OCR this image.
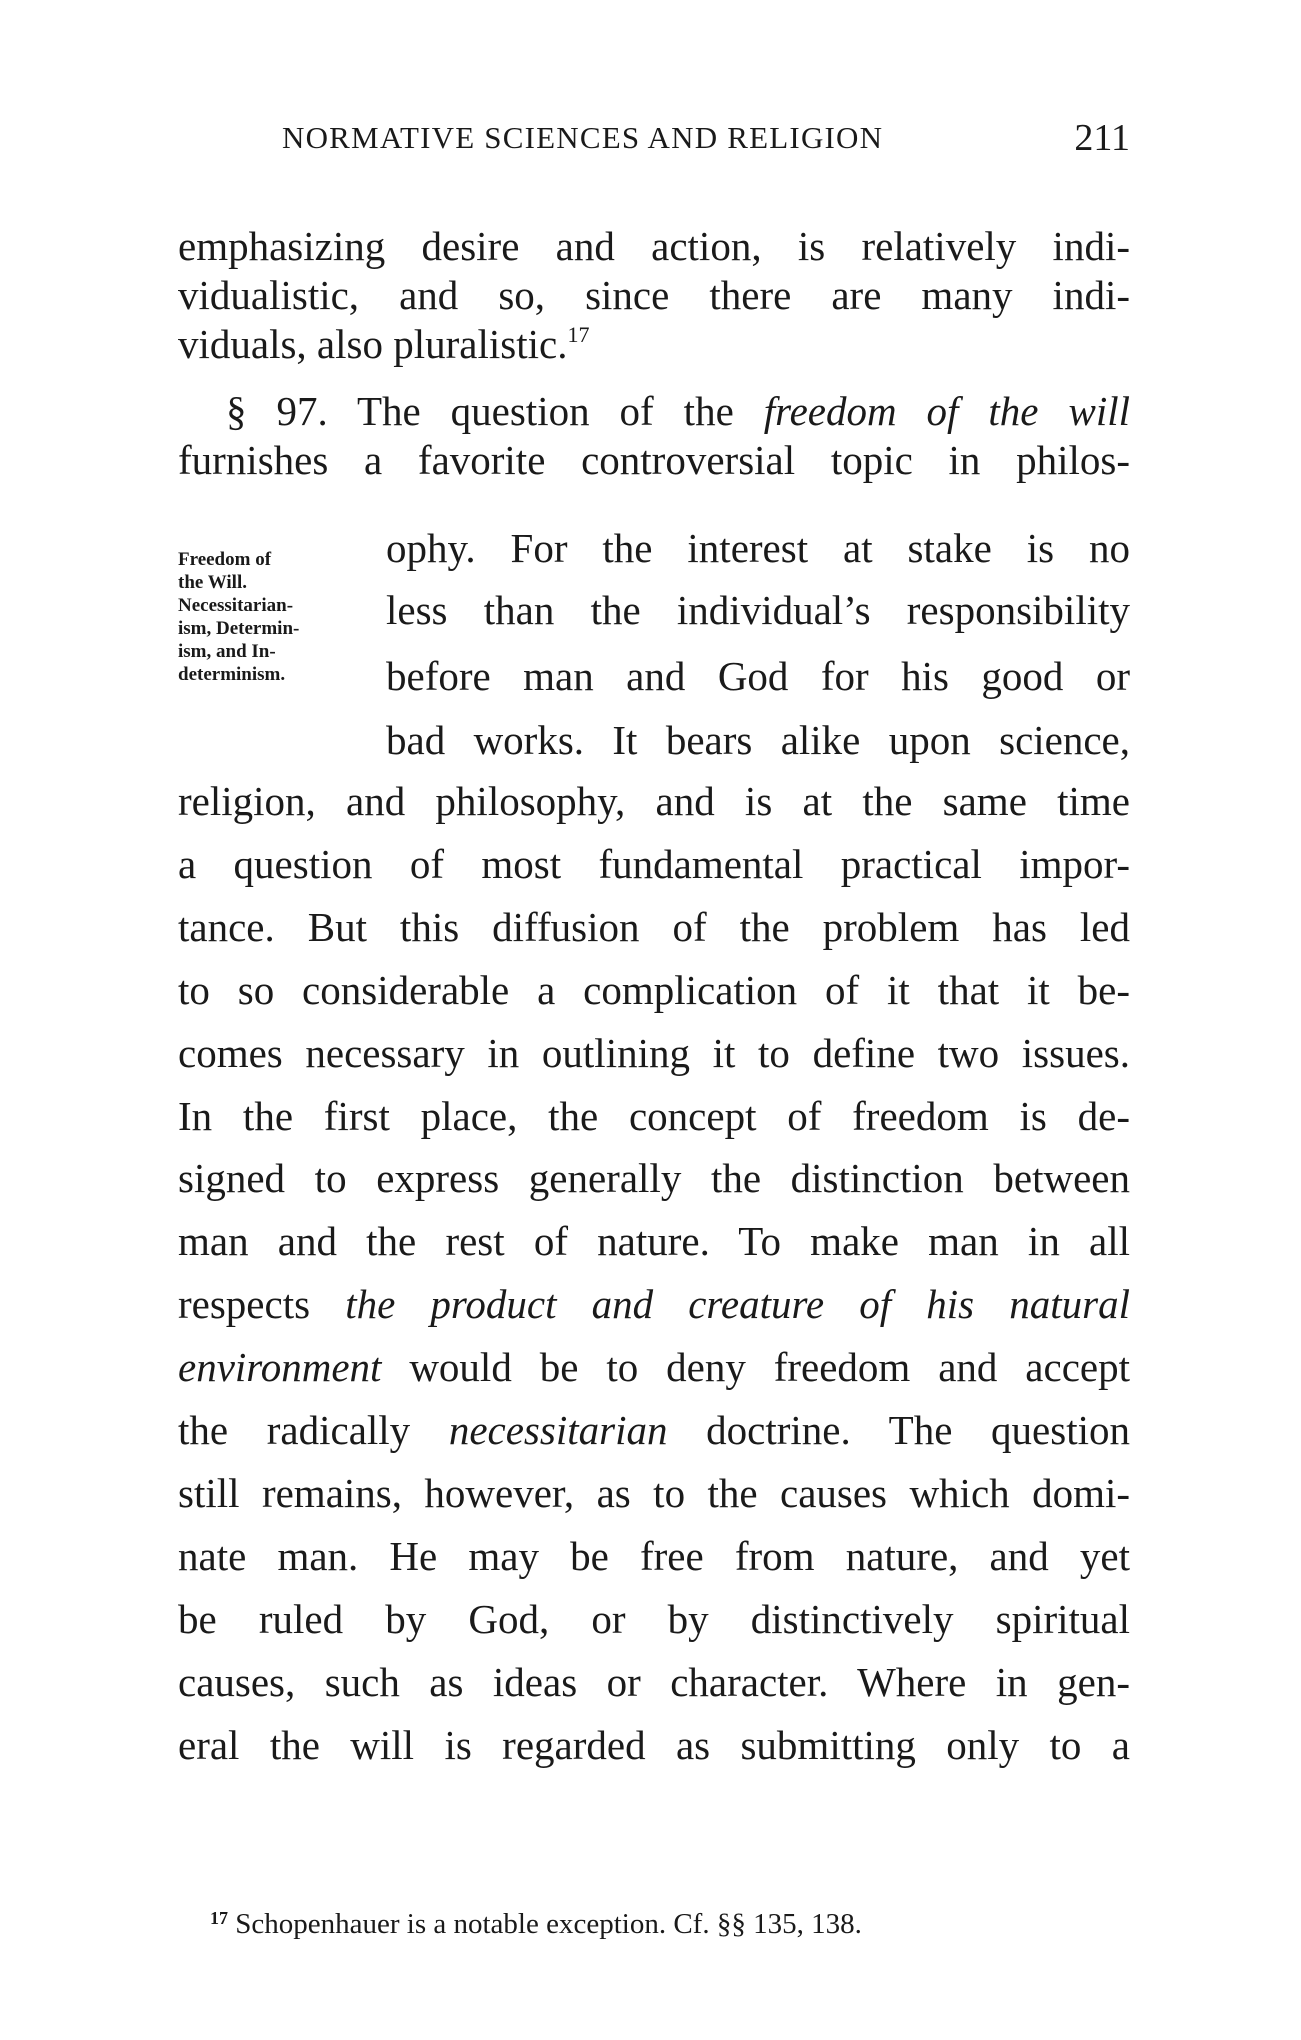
NORMATIVE SCIENCES AND RELIGION	211
emphasizing desire and action, is relatively indi-
vidualistic, and so, since there are many indi-
viduals, also pluralistic.$^{17}$
§ 97. The question of the freedom of the will
furnishes a favorite controversial topic in philos-
Freedom of
the Will.
Necessitarian-
ism, Determin-
ism, and In-
determinism.
ophy. For the interest at stake is no
less than the individual’s responsibility
before man and God for his good or
bad works. It bears alike upon science,
religion, and philosophy, and is at the same time
a question of most fundamental practical impor-
tance. But this diffusion of the problem has led
to so considerable a complication of it that it be-
comes necessary in outlining it to define two issues.
In the first place, the concept of freedom is de-
signed to express generally the distinction between
man and the rest of nature. To make man in all
respects the product and creature of his natural
environment would be to deny freedom and accept
the radically necessitarian doctrine. The question
still remains, however, as to the causes which domi-
nate man. He may be free from nature, and yet
be ruled by God, or by distinctively spiritual
causes, such as ideas or character. Where in gen-
eral the will is regarded as submitting only to a
$^{17}$ Schopenhauer is a notable exception. Cf. §§ 135, 138.
